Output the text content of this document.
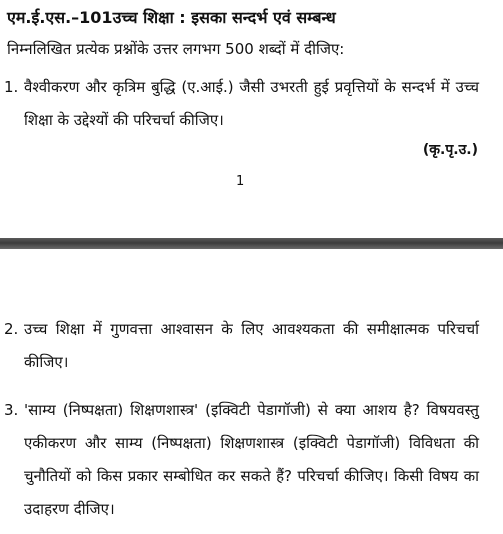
एम.ई.एस.–101उच्च शिक्षा : इसका सन्दर्भ एवं सम्बन्ध
निम्नलिखित प्रत्येक प्रश्नोंके उत्तर लगभग 500 शब्दों में दीजिए:
1. वैश्वीकरण और कृत्रिम बुद्धि (ए.आई.) जैसी उभरती हुई प्रवृत्तियों के सन्दर्भ में उच्च शिक्षा के उद्देश्यों की परिचर्चा कीजिए।
(कृ.पृ.उ.)
1
2. उच्च शिक्षा में गुणवत्ता आश्वासन के लिए आवश्यकता की समीक्षात्मक परिचर्चा कीजिए।
3. 'साम्य (निष्पक्षता) शिक्षणशास्त्र' (इक्विटी पेडागॉजी) से क्या आशय है? विषयवस्तु एकीकरण और साम्य (निष्पक्षता) शिक्षणशास्त्र (इक्विटी पेडागॉजी) विविधता की चुनौतियों को किस प्रकार सम्बोधित कर सकते हैं? परिचर्चा कीजिए। किसी विषय का उदाहरण दीजिए।
